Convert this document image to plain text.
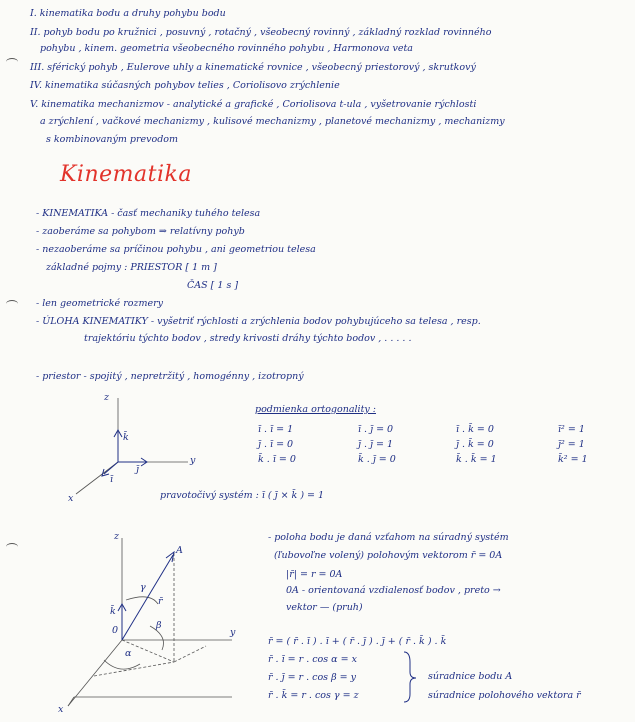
I. kinematika bodu a druhy pohybu bodu
II. pohyb bodu po kružnici , posuvný , rotačný , všeobecný rovinný , základný rozklad rovinného
pohybu , kinem. geometria všeobecného rovinného pohybu , Harmonova veta
III. sférický pohyb , Eulerove uhly a kinematické rovnice , všeobecný priestorový , skrutkový
IV. kinematika súčasných pohybov telies , Coriolisovo zrýchlenie
V. kinematika mechanizmov - analytické a grafické , Coriolisova t-ula , vyšetrovanie rýchlosti
a zrýchlení , vačkové mechanizmy , kulisové mechanizmy , planetové mechanizmy , mechanizmy
s kombinovaným prevodom
Kinematika
- KINEMATIKA - časť mechaniky tuhého telesa
- zaoberáme sa pohybom ⇒ relatívny pohyb
- nezaoberáme sa príčinou pohybu , ani geometriou telesa
základné pojmy : PRIESTOR [ 1 m ]
ČAS [ 1 s ]
- len geometrické rozmery
- ÚLOHA KINEMATIKY - vyšetriť rýchlosti a zrýchlenia bodov pohybujúceho sa telesa , resp.
trajektóriu týchto bodov , stredy krivosti dráhy týchto bodov , . . . . .
- priestor - spojitý , nepretržitý , homogénny , izotropný
z
y
x
k̄
j̄
ī
podmienka ortogonality :
ī . ī = 1
j̄ . ī = 0
k̄ . ī = 0
ī . j̄ = 0
j̄ . j̄ = 1
k̄ . j̄ = 0
ī . k̄ = 0
j̄ . k̄ = 0
k̄ . k̄ = 1
ī² = 1
j̄² = 1
k̄² = 1
pravotočivý systém : ī ( j̄ × k̄ ) = 1
z
y
x
A
r̄
0
k̄
γ
β
α
- poloha bodu je daná vzťahom na súradný systém
(ľubovoľne volený) polohovým vektorom r̄ = 0A
|r̄| = r = 0A
0A - orientovaná vzdialenosť bodov , preto →
vektor — (pruh)
r̄ = ( r̄ . ī ) . ī + ( r̄ . j̄ ) . j̄ + ( r̄ . k̄ ) . k̄
r̄ . ī = r . cos α = x
r̄ . j̄ = r . cos β = y
r̄ . k̄ = r . cos γ = z
súradnice bodu A
súradnice polohového vektora r̄
